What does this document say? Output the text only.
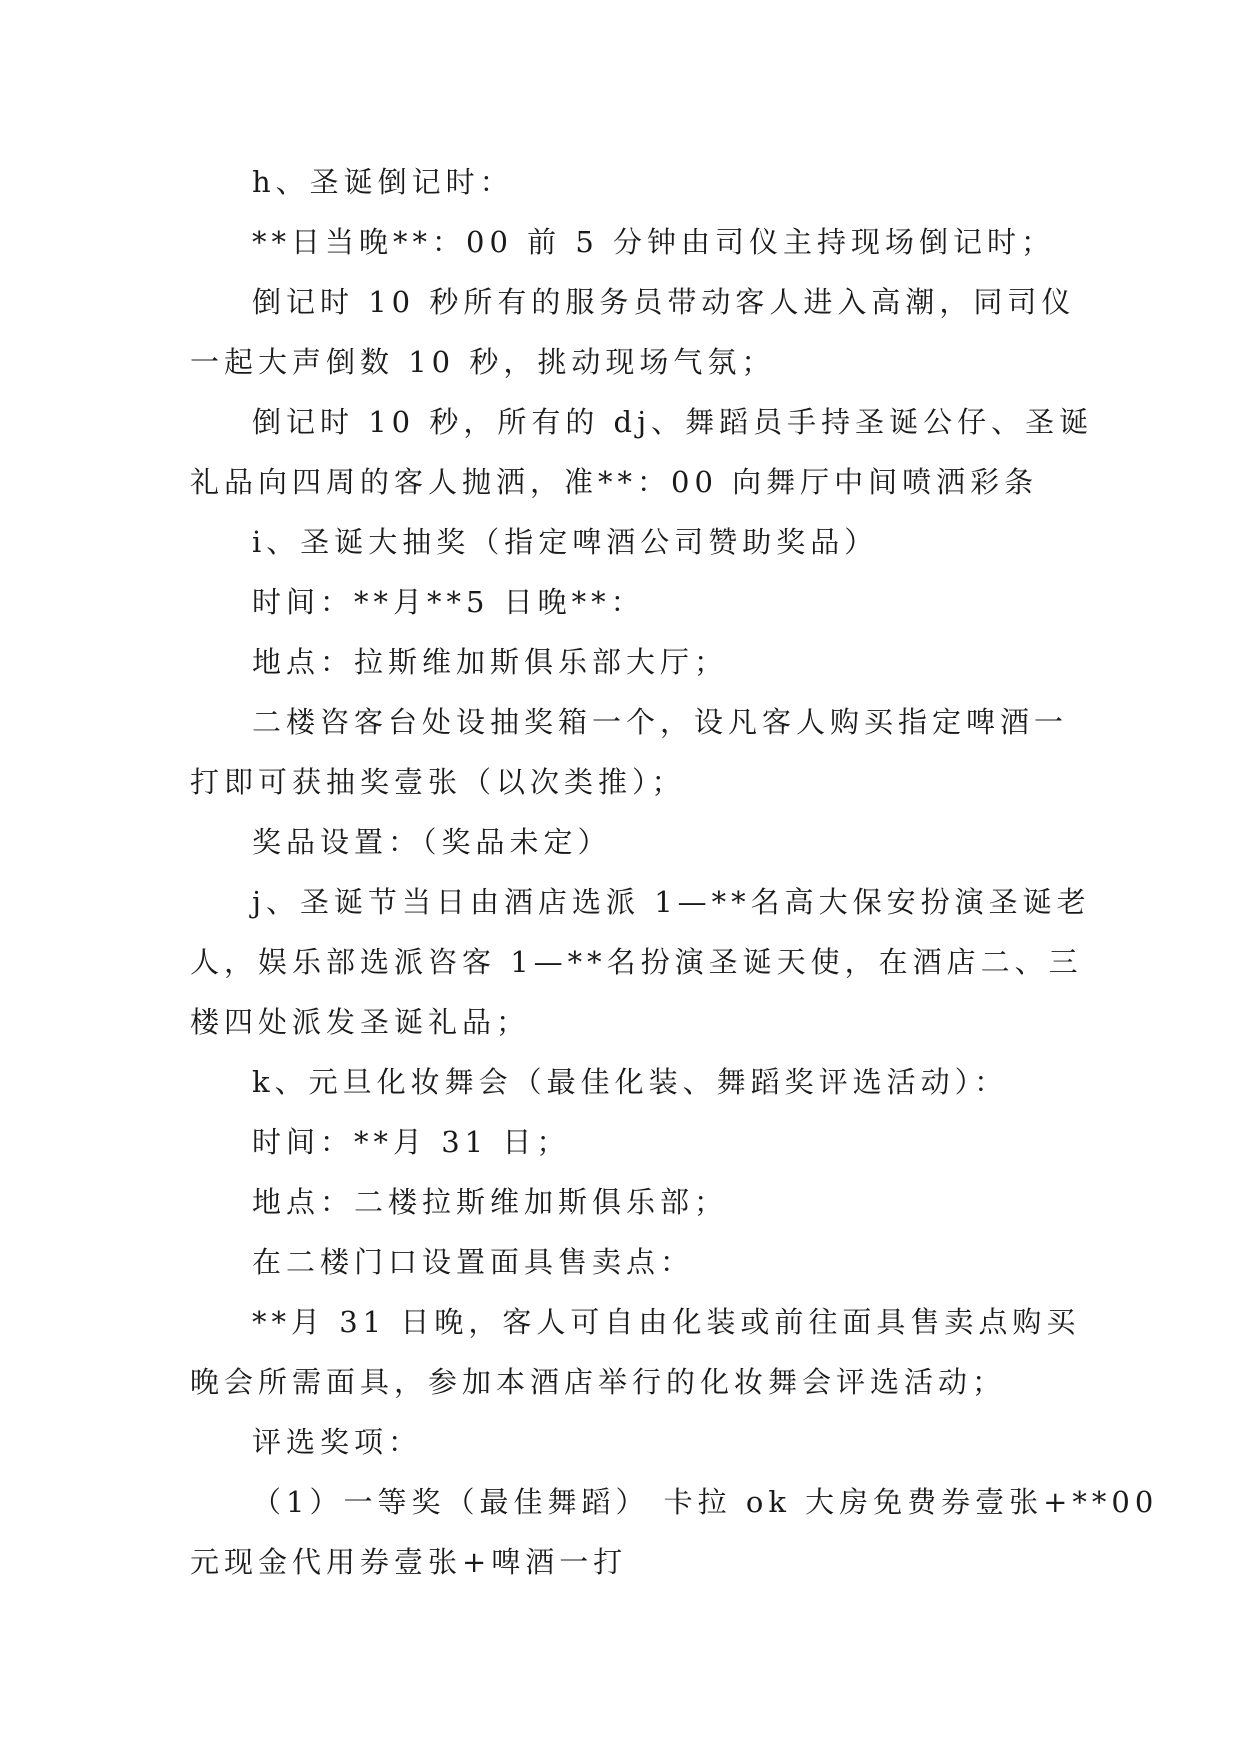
h、圣诞倒记时：

**日当晚**：00 前 5 分钟由司仪主持现场倒记时；

倒记时 10 秒所有的服务员带动客人进入高潮，同司仪

一起大声倒数 10 秒，挑动现场气氛；

倒记时 10 秒，所有的 dj、舞蹈员手持圣诞公仔、圣诞

礼品向四周的客人抛洒，准**：00 向舞厅中间喷洒彩条

i、圣诞大抽奖（指定啤酒公司赞助奖品）

时间：**月**5 日晚**：

地点：拉斯维加斯俱乐部大厅；

二楼咨客台处设抽奖箱一个，设凡客人购买指定啤酒一

打即可获抽奖壹张（以次类推）；

奖品设置：（奖品未定）

j、圣诞节当日由酒店选派 1—**名高大保安扮演圣诞老

人，娱乐部选派咨客 1—**名扮演圣诞天使，在酒店二、三

楼四处派发圣诞礼品；

k、元旦化妆舞会（最佳化装、舞蹈奖评选活动）：

时间：**月 31 日；

地点：二楼拉斯维加斯俱乐部；

在二楼门口设置面具售卖点：

**月 31 日晚，客人可自由化装或前往面具售卖点购买

晚会所需面具，参加本酒店举行的化妆舞会评选活动；

评选奖项：

（1）一等奖（最佳舞蹈） 卡拉 ok 大房免费券壹张+**00

元现金代用券壹张+啤酒一打
